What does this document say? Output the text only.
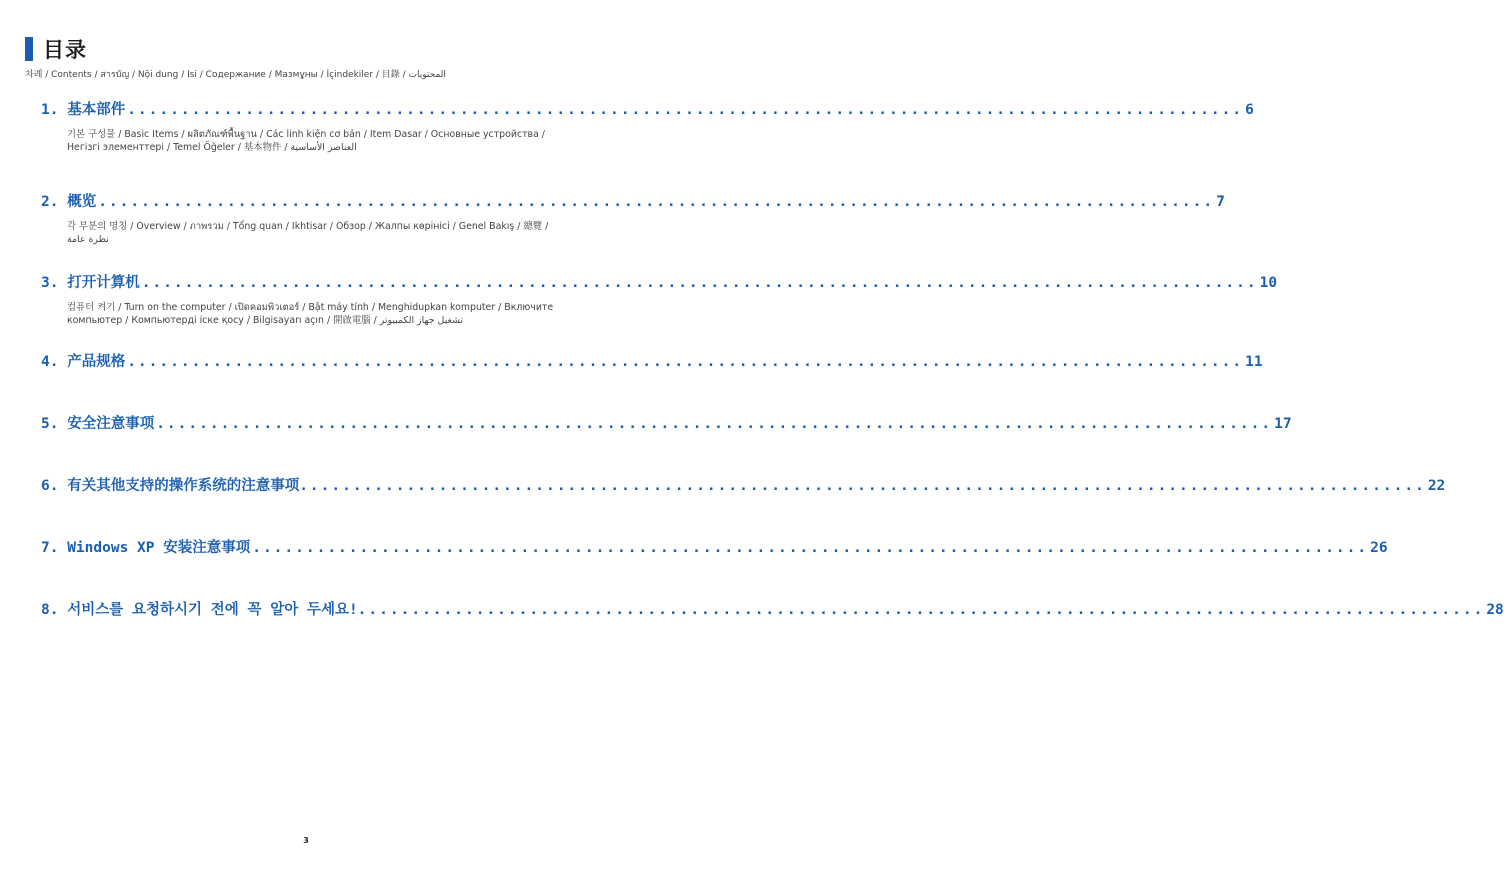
目录
차례 / Contents / สารบัญ / Nội dung / Isi / Содержание / Мазмұны / İçindekiler / 目錄 / المحتويات
1. 基本部件 ........................................................................................................ 6
기본 구성물 / Basic Items / ผลิตภัณฑ์พื้นฐาน / Các linh kiện cơ bản / Item Dasar / Основные устройства / Негізгі элементтері / Temel Öğeler / 基本物件 / العناصر الأساسية
2. 概览 ........................................................................................................ 7
각 부분의 명칭 / Overview / ภาพรวม / Tổng quan / Ikhtisar / Обзор / Жалпы көрінісі / Genel Bakış / 總覽 / نظرة عامة
3. 打开计算机 ........................................................................................................ 10
컴퓨터 켜기 / Turn on the computer / เปิดคอมพิวเตอร์ / Bật máy tính / Menghidupkan komputer / Включите компьютер / Компьютерді іске қосу / Bilgisayarı açın / 開啟電腦 / تشغيل جهاز الكمبيوتر
4. 产品规格 ........................................................................................................ 11
5. 安全注意事项 ........................................................................................................ 17
6. 有关其他支持的操作系统的注意事项. ........................................................................................................ 22
7. Windows XP 安装注意事项 ........................................................................................................ 26
8. 서비스를 요청하시기 전에 꼭 알아 두세요!. ........................................................................................................ 28
3
